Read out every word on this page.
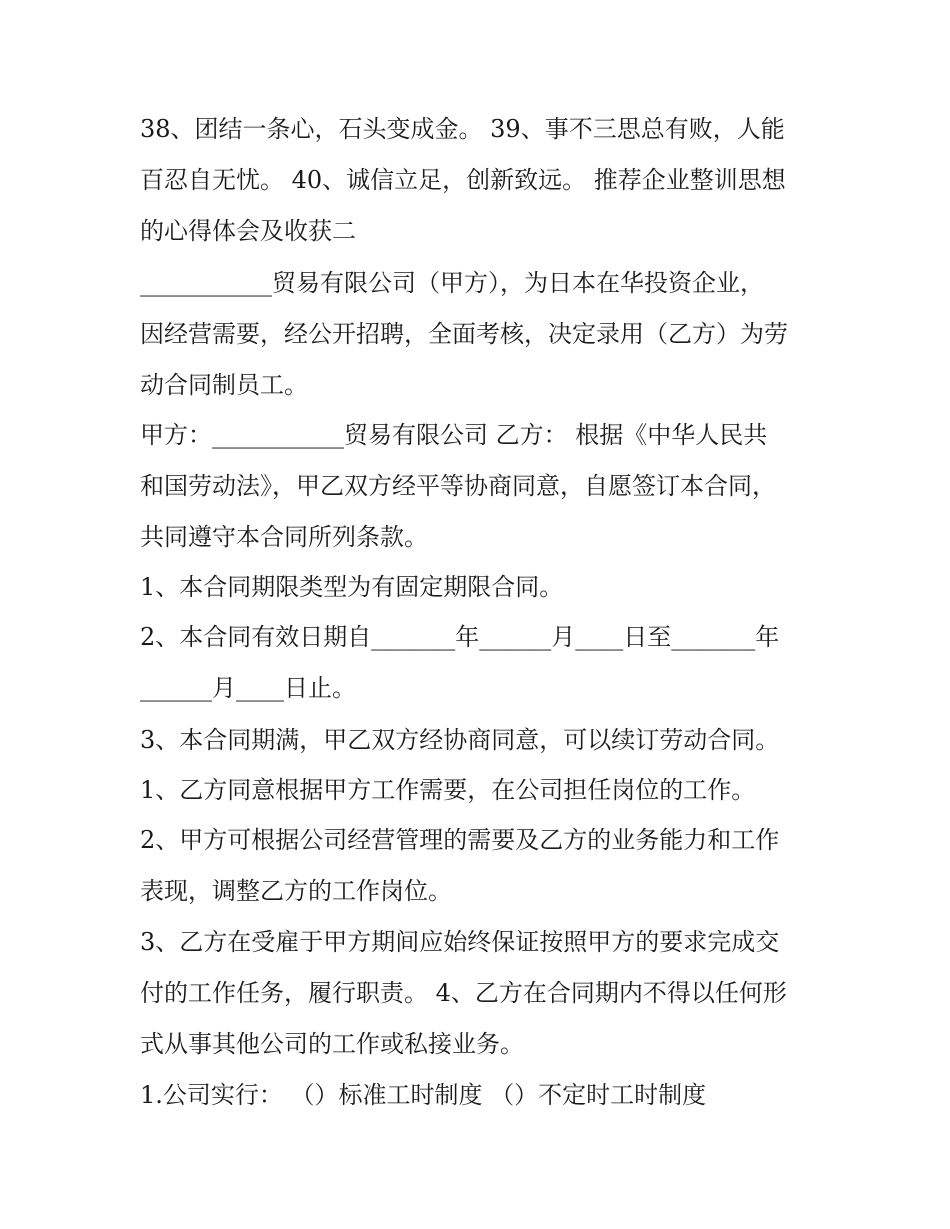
38、团结一条心，石头变成金。 39、事不三思总有败，人能
百忍自无忧。 40、诚信立足，创新致远。 推荐企业整训思想
的心得体会及收获二
___________贸易有限公司（甲方），为日本在华投资企业，
因经营需要，经公开招聘，全面考核，决定录用（乙方）为劳
动合同制员工。
甲方：___________贸易有限公司 乙方： 根据《中华人民共
和国劳动法》，甲乙双方经平等协商同意，自愿签订本合同，
共同遵守本合同所列条款。
1、本合同期限类型为有固定期限合同。
2、本合同有效日期自_______年______月____日至_______年
______月____日止。
3、本合同期满，甲乙双方经协商同意，可以续订劳动合同。
1、乙方同意根据甲方工作需要，在公司担任岗位的工作。
2、甲方可根据公司经营管理的需要及乙方的业务能力和工作
表现，调整乙方的工作岗位。
3、乙方在受雇于甲方期间应始终保证按照甲方的要求完成交
付的工作任务，履行职责。 4、乙方在合同期内不得以任何形
式从事其他公司的工作或私接业务。
1.公司实行： （）标准工时制度 （）不定时工时制度
